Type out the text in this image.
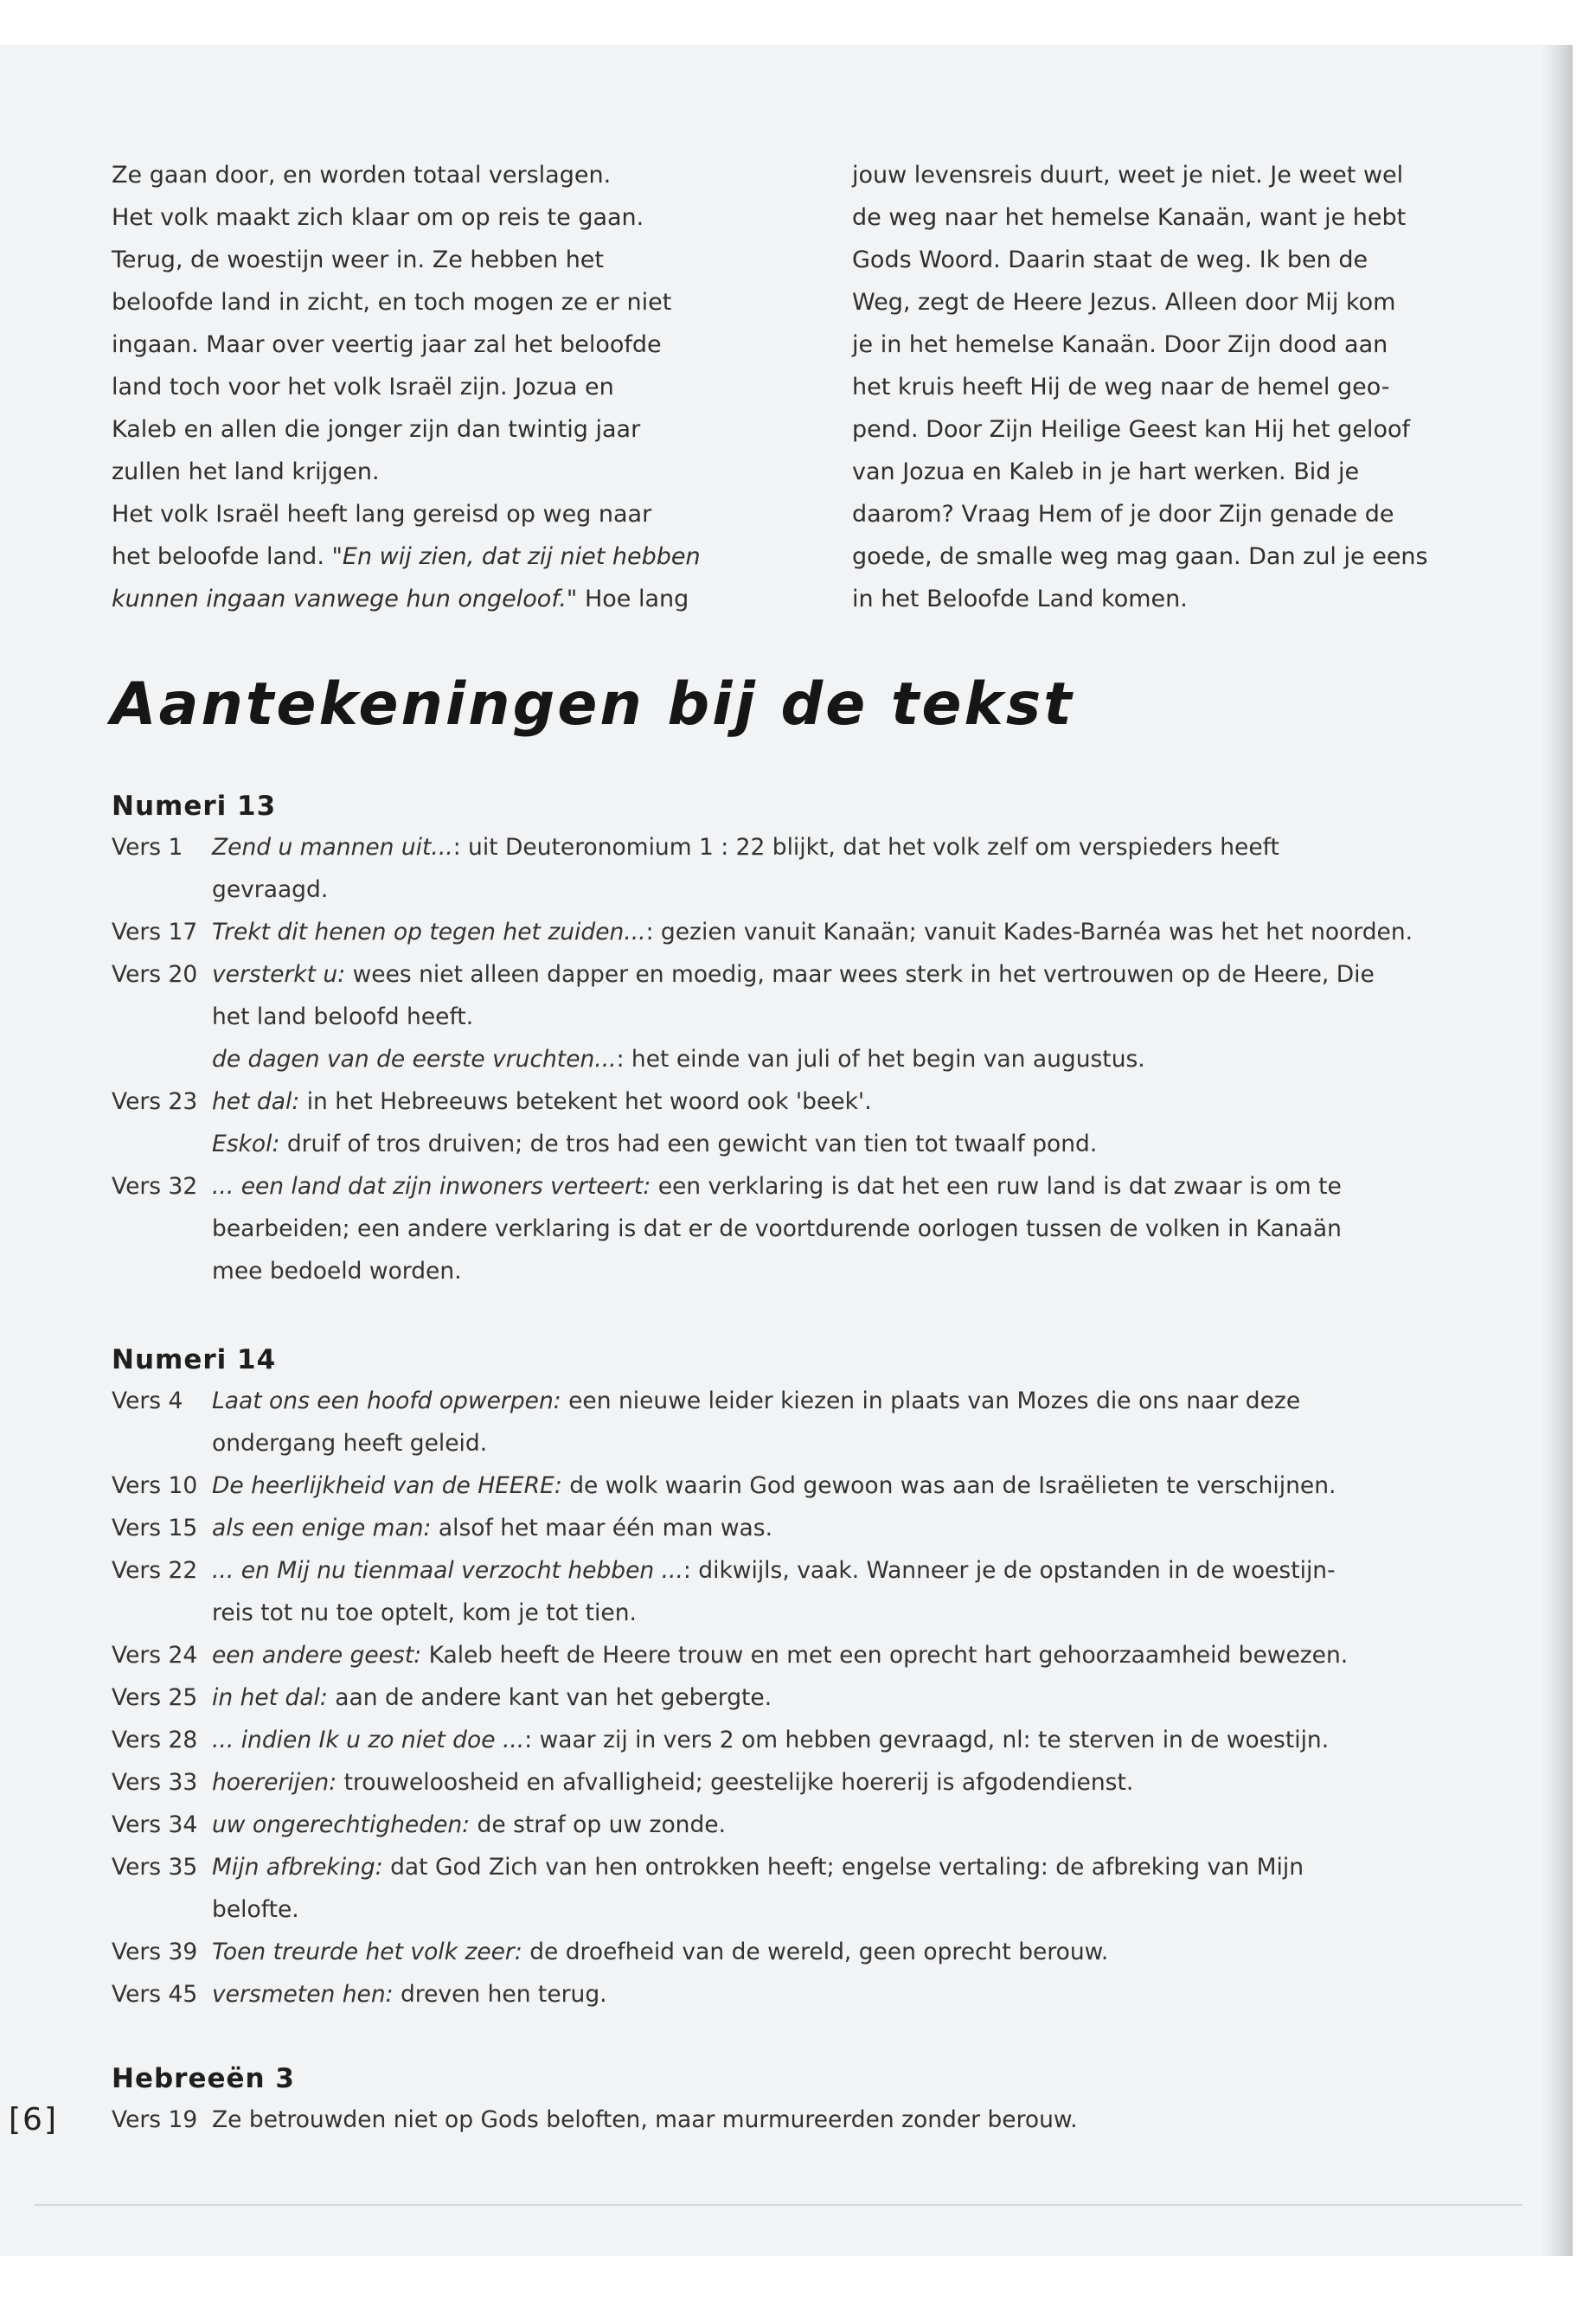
Ze gaan door, en worden totaal verslagen.
Het volk maakt zich klaar om op reis te gaan.
Terug, de woestijn weer in. Ze hebben het
beloofde land in zicht, en toch mogen ze er niet
ingaan. Maar over veertig jaar zal het beloofde
land toch voor het volk Israël zijn. Jozua en
Kaleb en allen die jonger zijn dan twintig jaar
zullen het land krijgen.
Het volk Israël heeft lang gereisd op weg naar
het beloofde land. "En wij zien, dat zij niet hebben
kunnen ingaan vanwege hun ongeloof." Hoe lang
jouw levensreis duurt, weet je niet. Je weet wel
de weg naar het hemelse Kanaän, want je hebt
Gods Woord. Daarin staat de weg. Ik ben de
Weg, zegt de Heere Jezus. Alleen door Mij kom
je in het hemelse Kanaän. Door Zijn dood aan
het kruis heeft Hij de weg naar de hemel geo-
pend. Door Zijn Heilige Geest kan Hij het geloof
van Jozua en Kaleb in je hart werken. Bid je
daarom? Vraag Hem of je door Zijn genade de
goede, de smalle weg mag gaan. Dan zul je eens
in het Beloofde Land komen.
Aantekeningen bij de tekst
Numeri 13
Vers 1 Zend u mannen uit...: uit Deuteronomium 1 : 22 blijkt, dat het volk zelf om verspieders heeft
gevraagd.
Vers 17 Trekt dit henen op tegen het zuiden...: gezien vanuit Kanaän; vanuit Kades-Barnéa was het het noorden.
Vers 20 versterkt u: wees niet alleen dapper en moedig, maar wees sterk in het vertrouwen op de Heere, Die
het land beloofd heeft.
de dagen van de eerste vruchten...: het einde van juli of het begin van augustus.
Vers 23 het dal: in het Hebreeuws betekent het woord ook 'beek'.
Eskol: druif of tros druiven; de tros had een gewicht van tien tot twaalf pond.
Vers 32 ... een land dat zijn inwoners verteert: een verklaring is dat het een ruw land is dat zwaar is om te
bearbeiden; een andere verklaring is dat er de voortdurende oorlogen tussen de volken in Kanaän
mee bedoeld worden.
Numeri 14
Vers 4 Laat ons een hoofd opwerpen: een nieuwe leider kiezen in plaats van Mozes die ons naar deze
ondergang heeft geleid.
Vers 10 De heerlijkheid van de HEERE: de wolk waarin God gewoon was aan de Israëlieten te verschijnen.
Vers 15 als een enige man: alsof het maar één man was.
Vers 22 ... en Mij nu tienmaal verzocht hebben ...: dikwijls, vaak. Wanneer je de opstanden in de woestijn-
reis tot nu toe optelt, kom je tot tien.
Vers 24 een andere geest: Kaleb heeft de Heere trouw en met een oprecht hart gehoorzaamheid bewezen.
Vers 25 in het dal: aan de andere kant van het gebergte.
Vers 28 ... indien Ik u zo niet doe ...: waar zij in vers 2 om hebben gevraagd, nl: te sterven in de woestijn.
Vers 33 hoererijen: trouweloosheid en afvalligheid; geestelijke hoererij is afgodendienst.
Vers 34 uw ongerechtigheden: de straf op uw zonde.
Vers 35 Mijn afbreking: dat God Zich van hen ontrokken heeft; engelse vertaling: de afbreking van Mijn
belofte.
Vers 39 Toen treurde het volk zeer: de droefheid van de wereld, geen oprecht berouw.
Vers 45 versmeten hen: dreven hen terug.
Hebreeën 3
Vers 19 Ze betrouwden niet op Gods beloften, maar murmureerden zonder berouw.
[6]
